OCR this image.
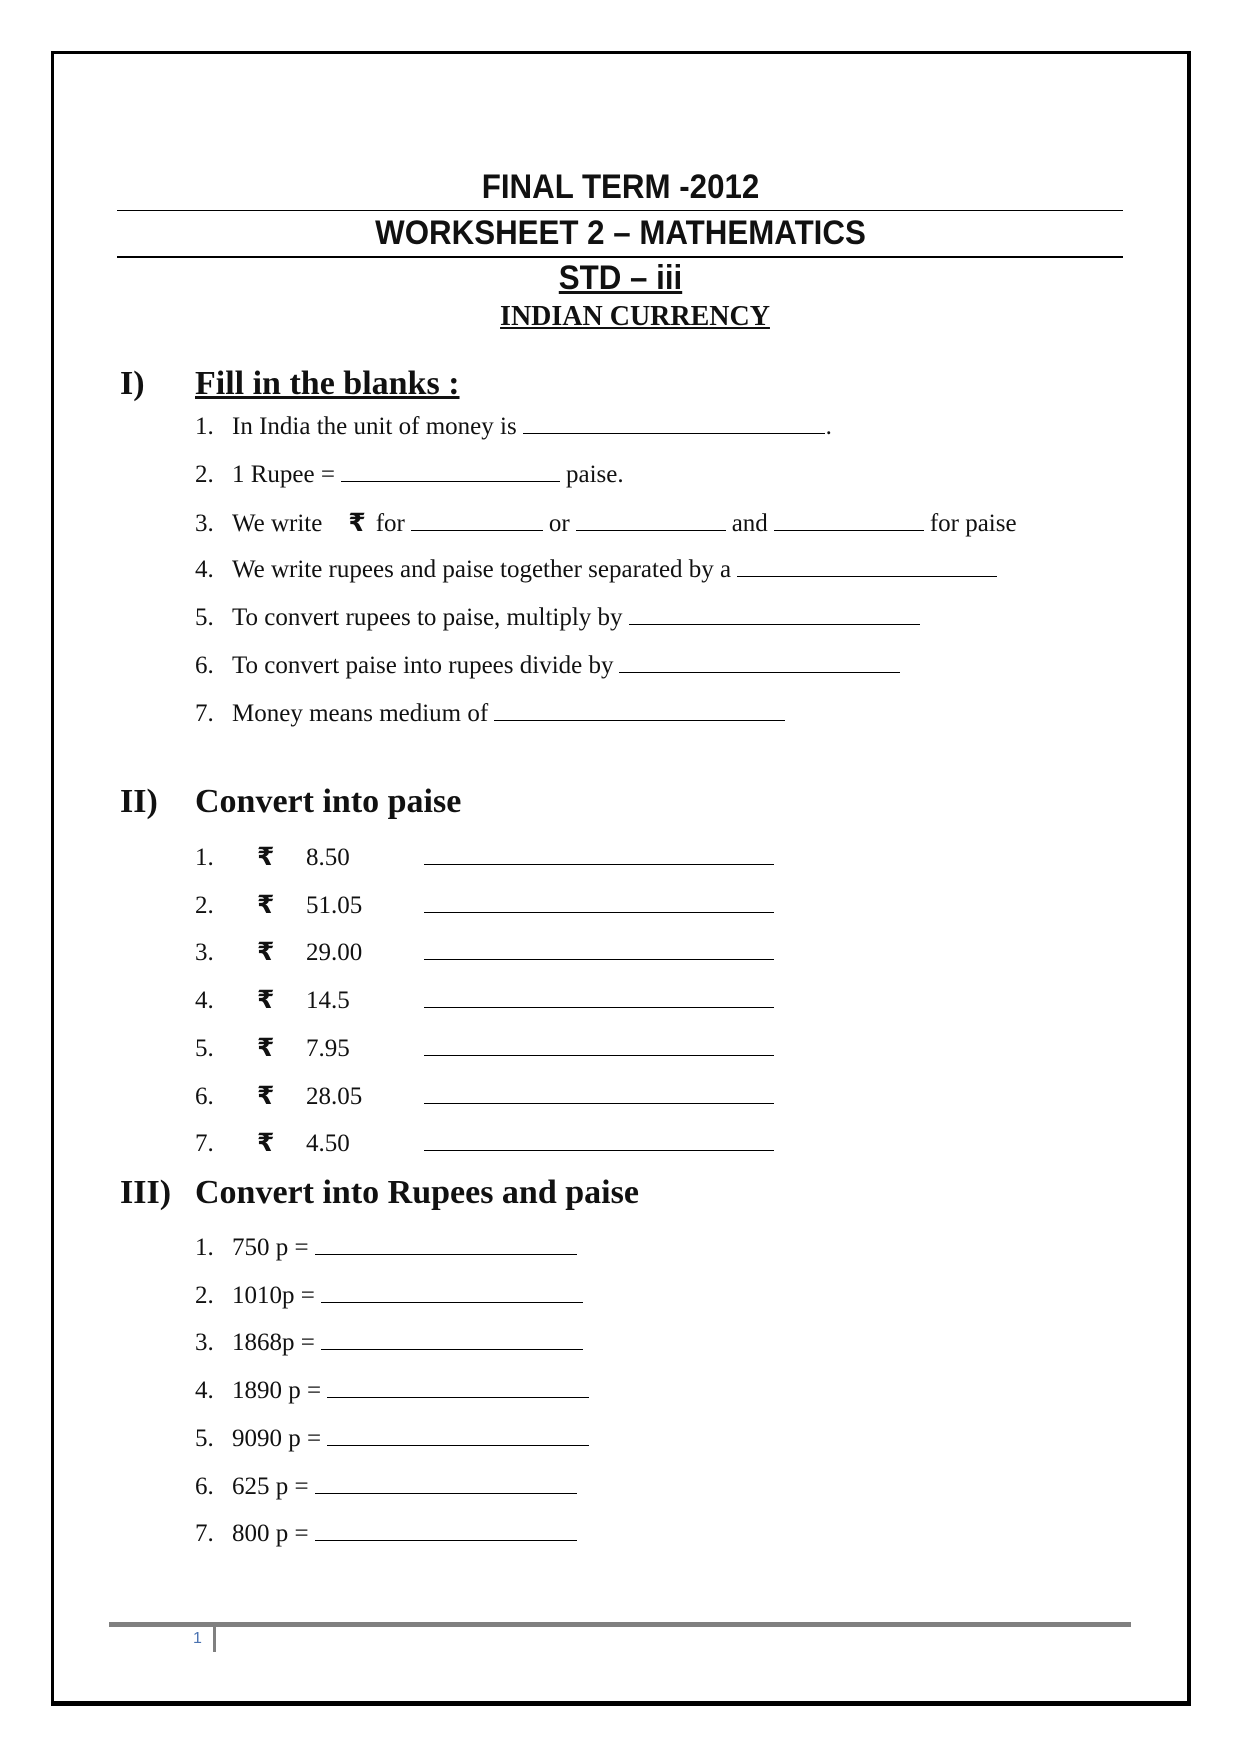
FINAL TERM -2012
WORKSHEET 2 – MATHEMATICS
STD – iii
INDIAN CURRENCY
I) Fill in the blanks :
1. In India the unit of money is	.
2. 1 Rupee =	paise.
3. We write ₹ for	or	and	for paise
4. We write rupees and paise together separated by a
5. To convert rupees to paise, multiply by
6. To convert paise into rupees divide by
7. Money means medium of
II) Convert into paise
1.	₹	8.50
2.	₹	51.05
3.	₹	29.00
4.	₹	14.5
5.	₹	7.95
6.	₹	28.05
7.	₹	4.50
III) Convert into Rupees and paise
1. 750 p =
2. 1010p =
3. 1868p =
4. 1890 p =
5. 9090 p =
6. 625 p =
7. 800 p =
1
